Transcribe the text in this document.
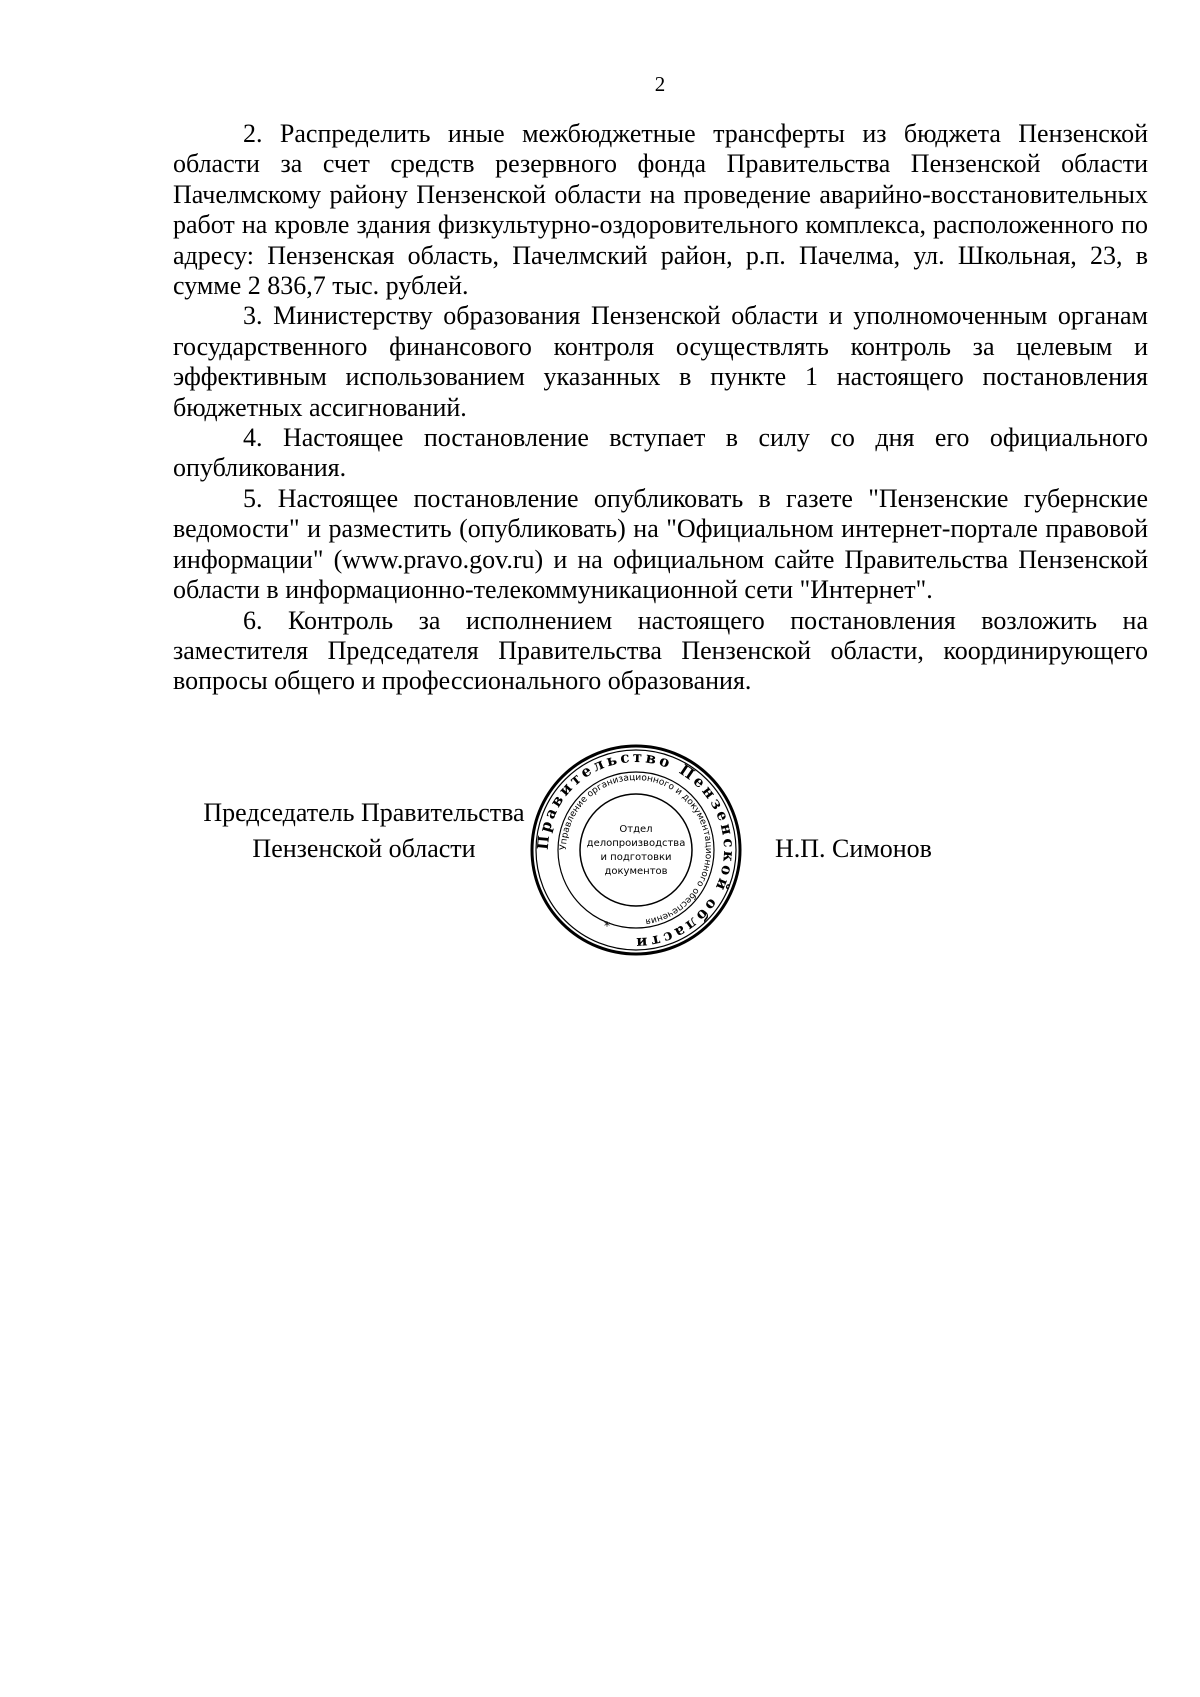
2

2. Распределить иные межбюджетные трансферты из бюджета Пензенской области за счет средств резервного фонда Правительства Пензенской области Пачелмскому району Пензенской области на проведение аварийно-восстановительных работ на кровле здания физкультурно-оздоровительного комплекса, расположенного по адресу: Пензенская область, Пачелмский район, р.п. Пачелма, ул. Школьная, 23, в сумме 2 836,7 тыс. рублей.

3. Министерству образования Пензенской области и уполномоченным органам государственного финансового контроля осуществлять контроль за целевым и эффективным использованием указанных в пункте 1 настоящего постановления бюджетных ассигнований.

4. Настоящее постановление вступает в силу со дня его официального опубликования.

5. Настоящее постановление опубликовать в газете "Пензенские губернские ведомости" и разместить (опубликовать) на "Официальном интернет-портале правовой информации" (www.pravo.gov.ru) и на официальном сайте Правительства Пензенской области в информационно-телекоммуникационной сети "Интернет".

6. Контроль за исполнением настоящего постановления возложить на заместителя Председателя Правительства Пензенской области, координирующего вопросы общего и профессионального образования.

Председатель Правительства
Пензенской области	Правительство Пензенской области
Управление организационного и документационного обеспечения
Отдел
делопроизводства
и подготовки
документов
*
Н.П. Симонов
